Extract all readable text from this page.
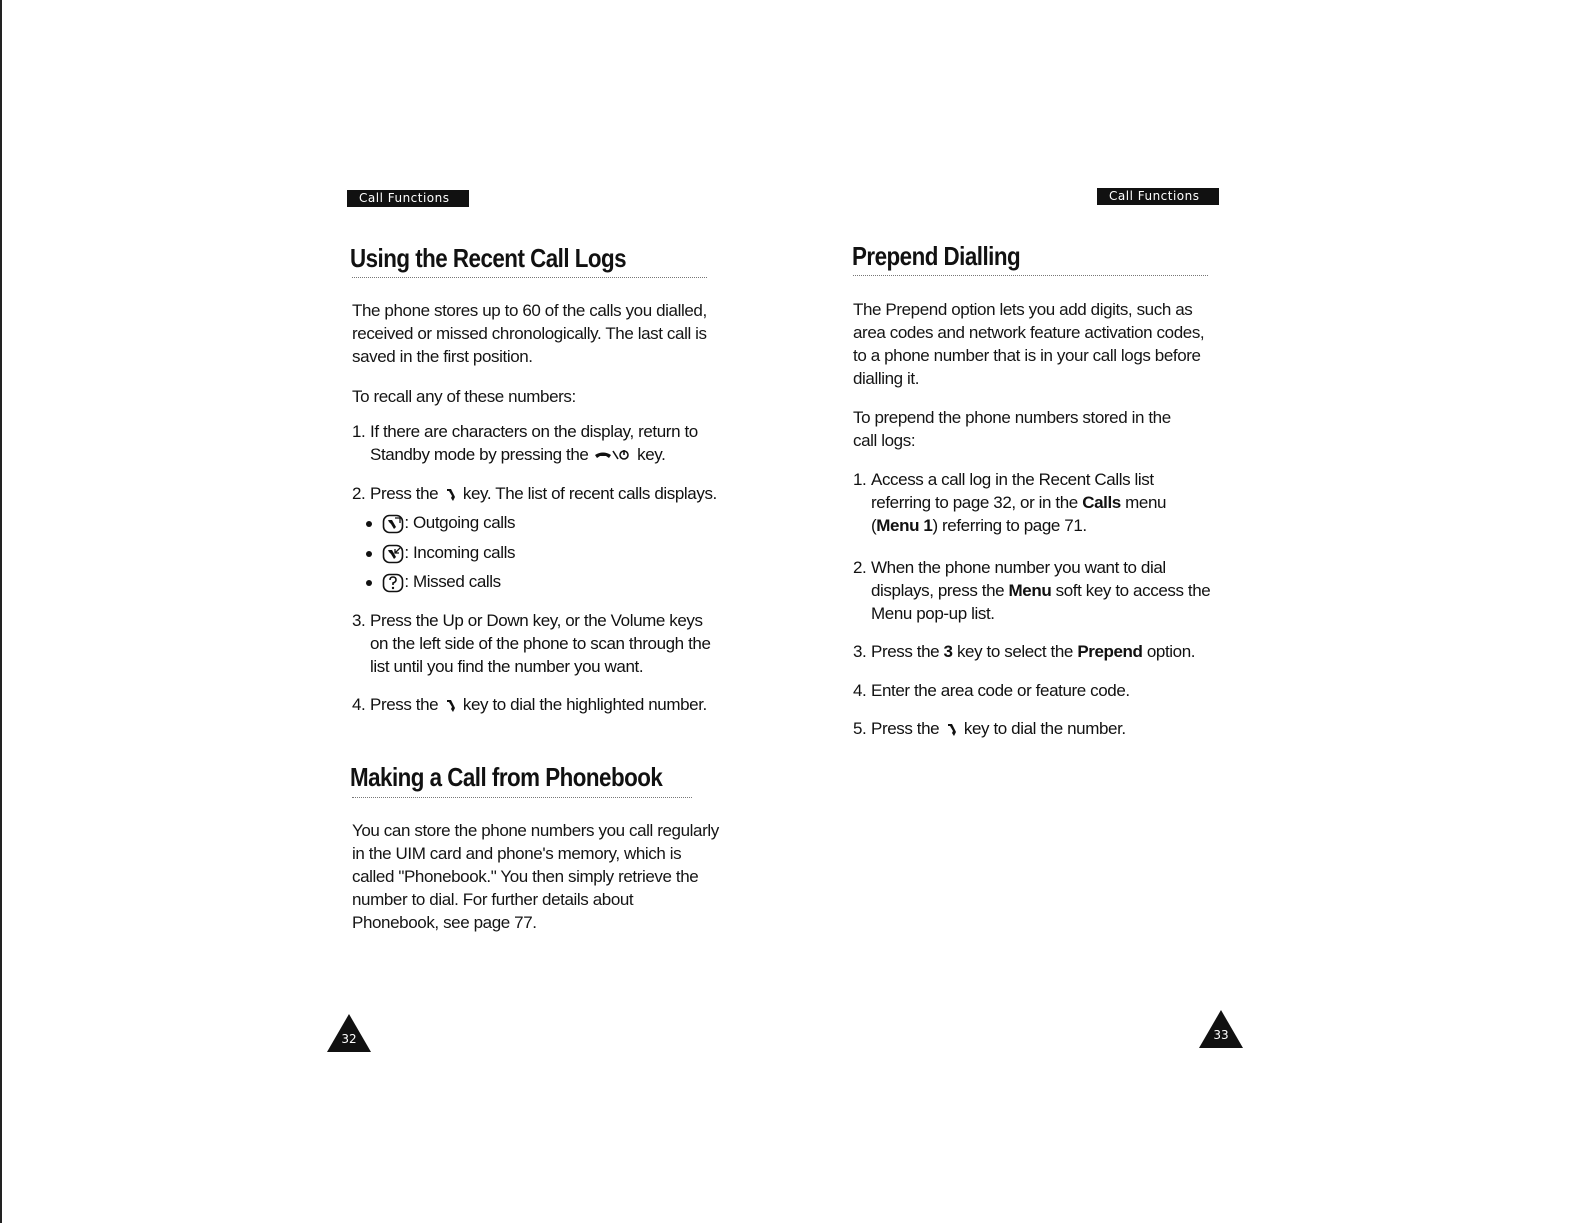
Call Functions
Using the Recent Call Logs
The phone stores up to 60 of the calls you dialled, received or missed chronologically. The last call is saved in the first position.
To recall any of these numbers:
1. If there are characters on the display, return to Standby mode by pressing the	key.
2. Press the key. The list of recent calls displays.
: Outgoing calls
: Incoming calls
: Missed calls
3. Press the Up or Down key, or the Volume keys on the left side of the phone to scan through the list until you find the number you want.
4. Press the key to dial the highlighted number.
Making a Call from Phonebook
You can store the phone numbers you call regularly in the UIM card and phone's memory, which is called "Phonebook." You then simply retrieve the number to dial. For further details about Phonebook, see page 77.
32
Call Functions
Prepend Dialling
The Prepend option lets you add digits, such as area codes and network feature activation codes, to a phone number that is in your call logs before dialling it.
To prepend the phone numbers stored in the call logs:
1. Access a call log in the Recent Calls list referring to page 32, or in the Calls menu (Menu 1) referring to page 71.
2. When the phone number you want to dial displays, press the Menu soft key to access the Menu pop-up list.
3. Press the 3 key to select the Prepend option.
4. Enter the area code or feature code.
5. Press the key to dial the number.
33
